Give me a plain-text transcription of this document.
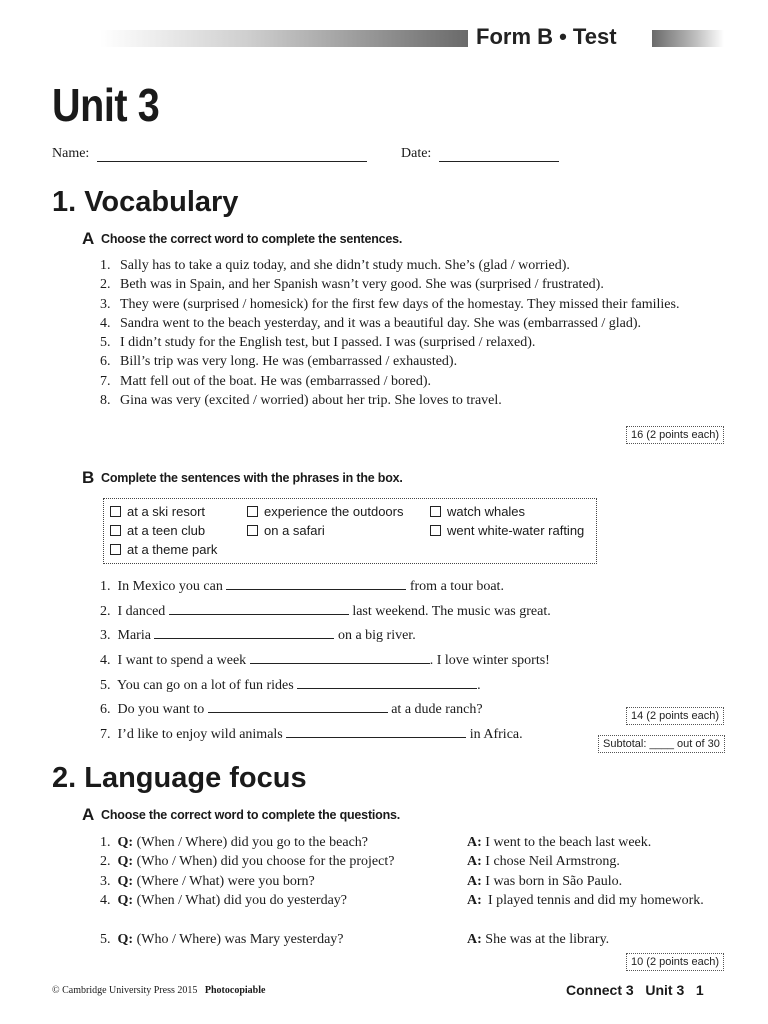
Form B • Test
Unit 3
Name:	Date:
1. Vocabulary
A Choose the correct word to complete the sentences.
1. Sally has to take a quiz today, and she didn’t study much. She’s (glad / worried).
2. Beth was in Spain, and her Spanish wasn’t very good. She was (surprised / frustrated).
3. They were (surprised / homesick) for the first few days of the homestay. They missed their families.
4. Sandra went to the beach yesterday, and it was a beautiful day. She was (embarrassed / glad).
5. I didn’t study for the English test, but I passed. I was (surprised / relaxed).
6. Bill’s trip was very long. He was (embarrassed / exhausted).
7. Matt fell out of the boat. He was (embarrassed / bored).
8. Gina was very (excited / worried) about her trip. She loves to travel.
16 (2 points each)
B Complete the sentences with the phrases in the box.
at a ski resort	experience the outdoors	watch whales
at a teen club	on a safari	went white-water rafting
at a theme park
1.  In Mexico you can	from a tour boat.
2.  I danced	last weekend. The music was great.
3.  Maria	on a big river.
4.  I want to spend a week	. I love winter sports!
5.  You can go on a lot of fun rides	.
6.  Do you want to	at a dude ranch?
7.  I’d like to enjoy wild animals	in Africa.
14 (2 points each)
Subtotal: ____ out of 30
2. Language focus
A Choose the correct word to complete the questions.
1.  Q: (When / Where) did you go to the beach?	A: I went to the beach last week.
2.  Q: (Who / When) did you choose for the project?	A: I chose Neil Armstrong.
3.  Q: (Where / What) were you born?	A: I was born in São Paulo.
4.  Q: (When / What) did you do yesterday?	A: I played tennis and did my homework.
5.  Q: (Who / Where) was Mary yesterday?	A: She was at the library.
10 (2 points each)
© Cambridge University Press 2015 Photocopiable	Connect 3 Unit 3 1
